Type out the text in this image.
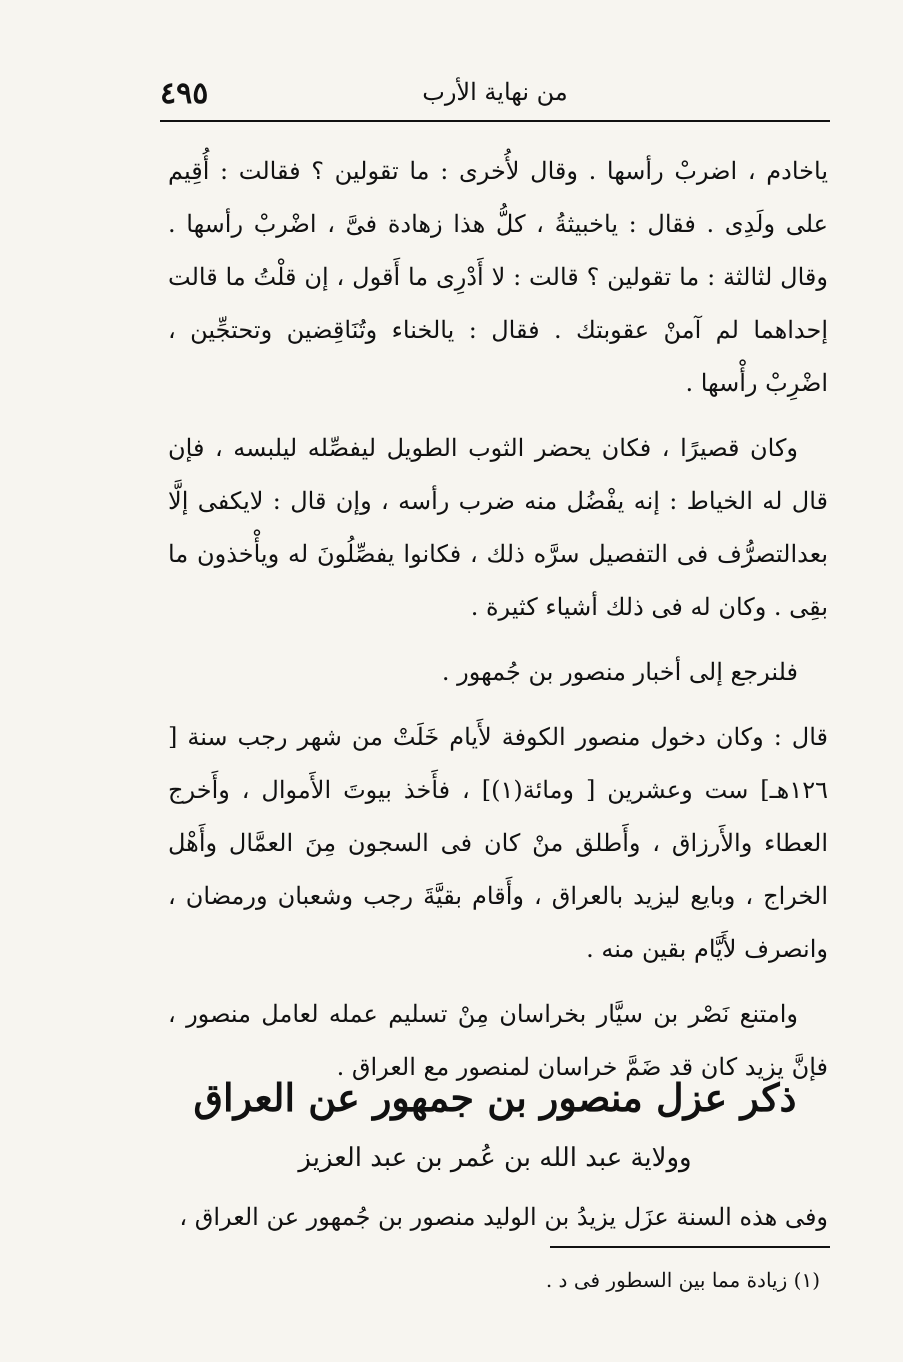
٤٩٥	من نهاية الأرب

ياخادم ، اضربْ رأسها . وقال لأُخرى : ما تقولين ؟ فقالت : أُقِيم على ولَدِى . فقال : ياخبيثةُ ، كلُّ هذا زهادة فىَّ ، اضْربْ رأسها . وقال لثالثة : ما تقولين ؟ قالت : لا أَدْرِى ما أَقول ، إن قلْتُ ما قالت إحداهما لم آمنْ عقوبتك . فقال : يالخناء وتُنَاقِضين وتحتجِّين ، اضْرِبْ رأْسها .

وكان قصيرًا ، فكان يحضر الثوب الطويل ليفصِّله ليلبسه ، فإن قال له الخياط : إنه يفْضُل منه ضرب رأسه ، وإن قال : لايكفى إلَّا بعدالتصرُّف فى التفصيل سرَّه ذلك ، فكانوا يفصِّلُونَ له ويأْخذون ما بقِى . وكان له فى ذلك أشياء كثيرة .

فلنرجع إلى أخبار منصور بن جُمهور .

قال : وكان دخول منصور الكوفة لأَيام خَلَتْ من شهر رجب سنة [ ١٢٦هـ] ست وعشرين [ ومائة(١)] ، فأَخذ بيوتَ الأَموال ، وأَخرج العطاء والأَرزاق ، وأَطلق منْ كان فى السجون مِنَ العمَّال وأَهْل الخراج ، وبايع ليزيد بالعراق ، وأَقام بقيَّةَ رجب وشعبان ورمضان ، وانصرف لأَيَّام بقين منه .

وامتنع نَصْر بن سيَّار بخراسان مِنْ تسليم عمله لعامل منصور ، فإنَّ يزيد كان قد ضَمَّ خراسان لمنصور مع العراق .

ذكر عزل منصور بن جمهور عن العراق
وولاية عبد الله بن عُمر بن عبد العزيز
وفى هذه السنة عزَل يزيدُ بن الوليد منصور بن جُمهور عن العراق ،
(١) زيادة مما بين السطور فى د .
